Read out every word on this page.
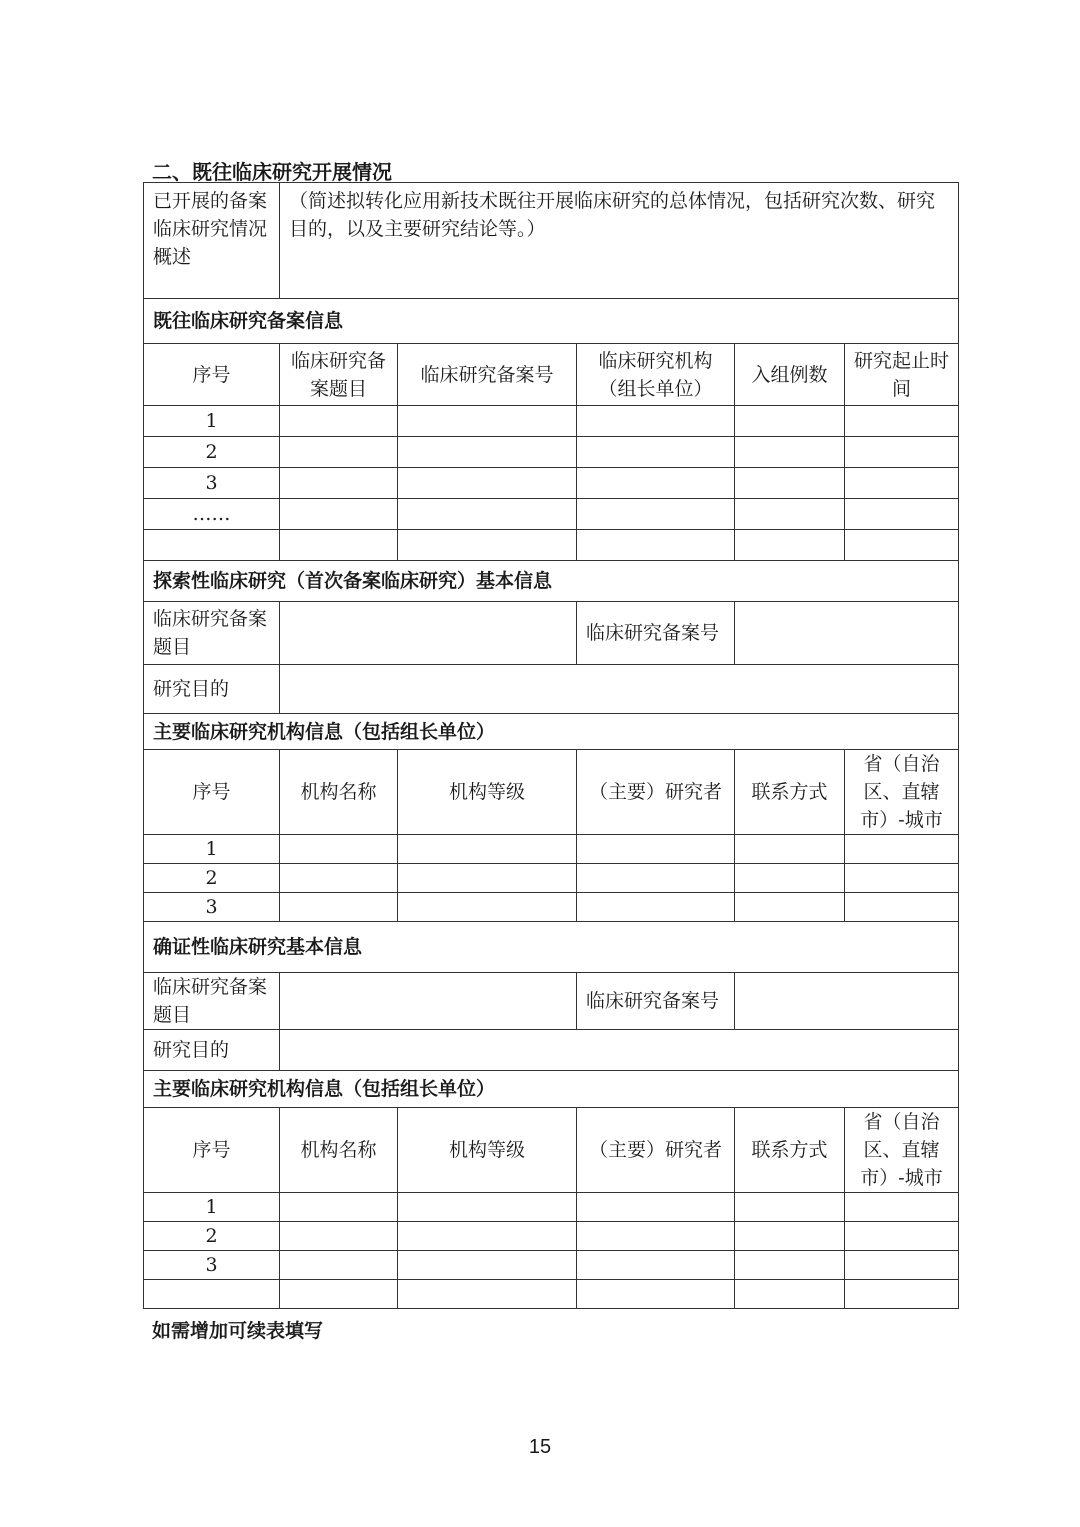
二、既往临床研究开展情况
已开展的备案临床研究情况概述	（简述拟转化应用新技术既往开展临床研究的总体情况，包括研究次数、研究目的，以及主要研究结论等。）				
既往临床研究备案信息					
序号	临床研究备案题目	临床研究备案号	临床研究机构（组长单位）	入组例数	研究起止时间
1					
2					
3					
……					

探索性临床研究（首次备案临床研究）基本信息					
临床研究备案题目			临床研究备案号		
研究目的					
主要临床研究机构信息（包括组长单位）					
序号	机构名称	机构等级	（主要）研究者	联系方式	省（自治区、直辖市）-城市
1					
2					
3					
确证性临床研究基本信息					
临床研究备案题目			临床研究备案号		
研究目的					
主要临床研究机构信息（包括组长单位）					
序号	机构名称	机构等级	（主要）研究者	联系方式	省（自治区、直辖市）-城市
1					
2					
3					

如需增加可续表填写
15
